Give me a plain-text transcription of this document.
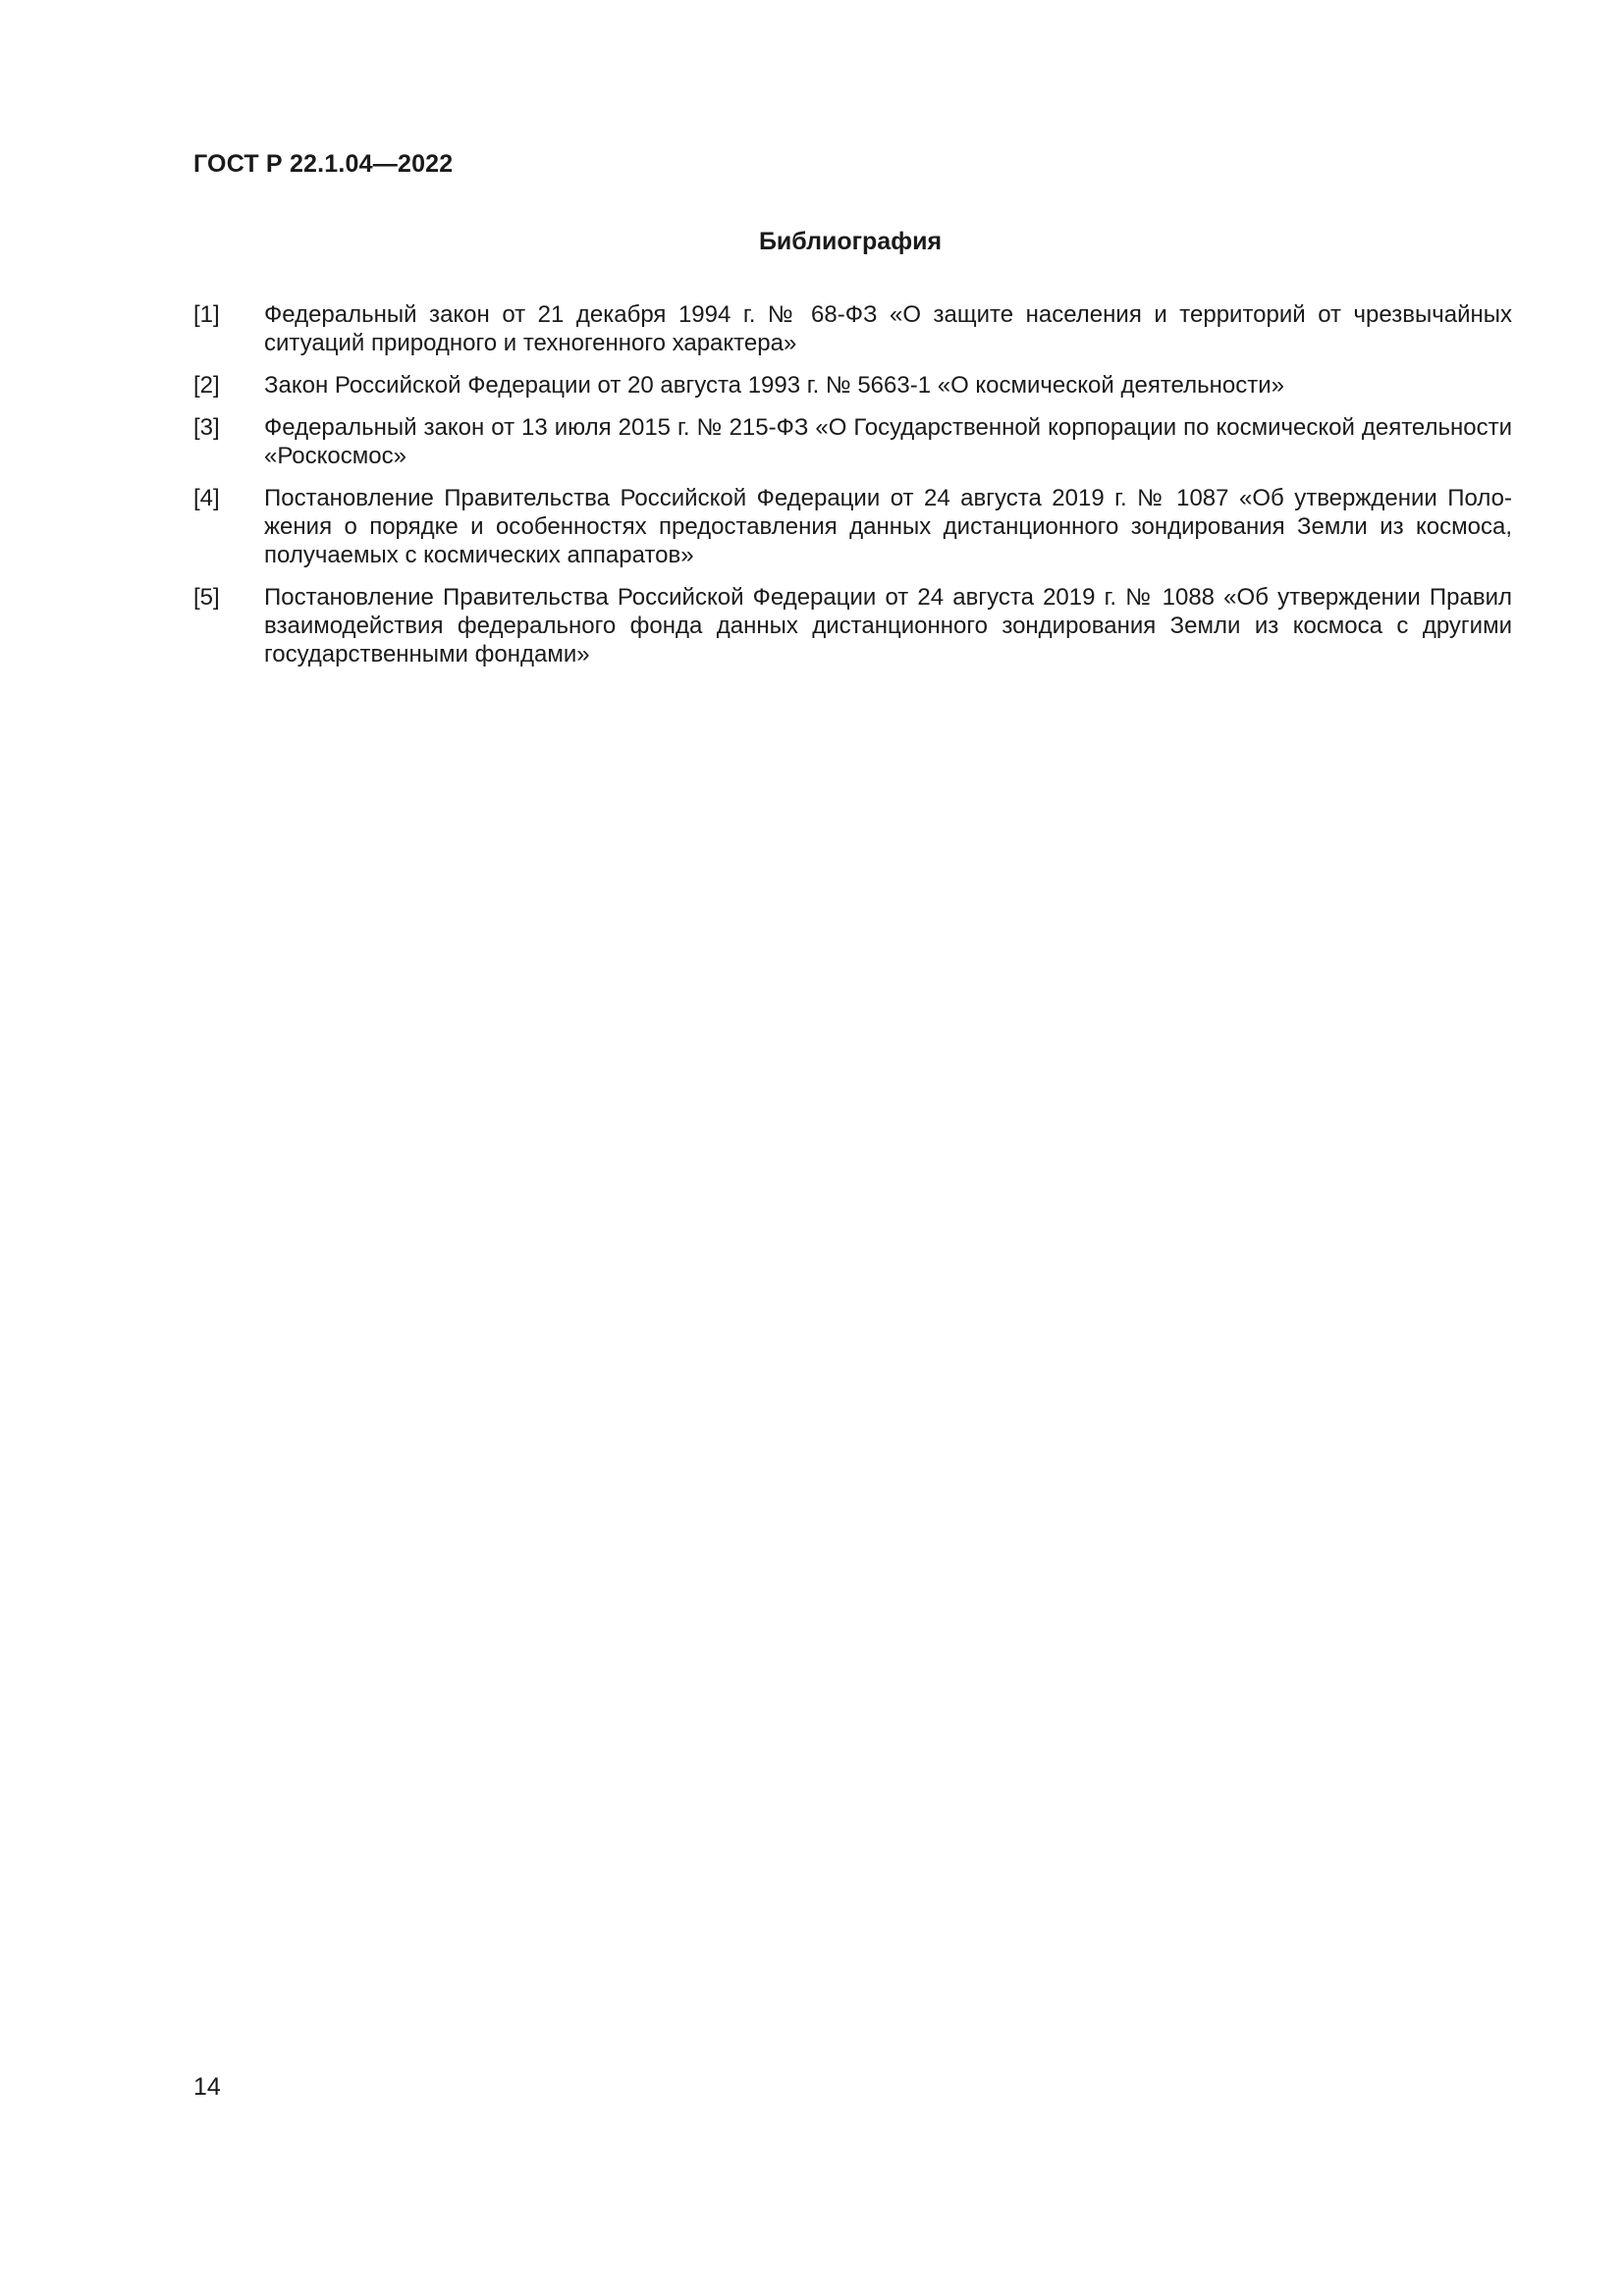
ГОСТ Р 22.1.04—2022
Библиография
[1]	Федеральный закон от 21 декабря 1994 г. № 68-ФЗ «О защите населения и территорий от чрезвычайных ситуаций природного и техногенного характера»
[2]	Закон Российской Федерации от 20 августа 1993 г. № 5663-1 «О космической деятельности»
[3]	Федеральный закон от 13 июля 2015 г. № 215-ФЗ «О Государственной корпорации по космической деятельности «Роскосмос»
[4]	Постановление Правительства Российской Федерации от 24 августа 2019 г. № 1087 «Об утверждении Положения о порядке и особенностях предоставления данных дистанционного зондирования Земли из космоса, получаемых с космических аппаратов»
[5]	Постановление Правительства Российской Федерации от 24 августа 2019 г. № 1088 «Об утверждении Правил взаимодействия федерального фонда данных дистанционного зондирования Земли из космоса с другими государственными фондами»
14
